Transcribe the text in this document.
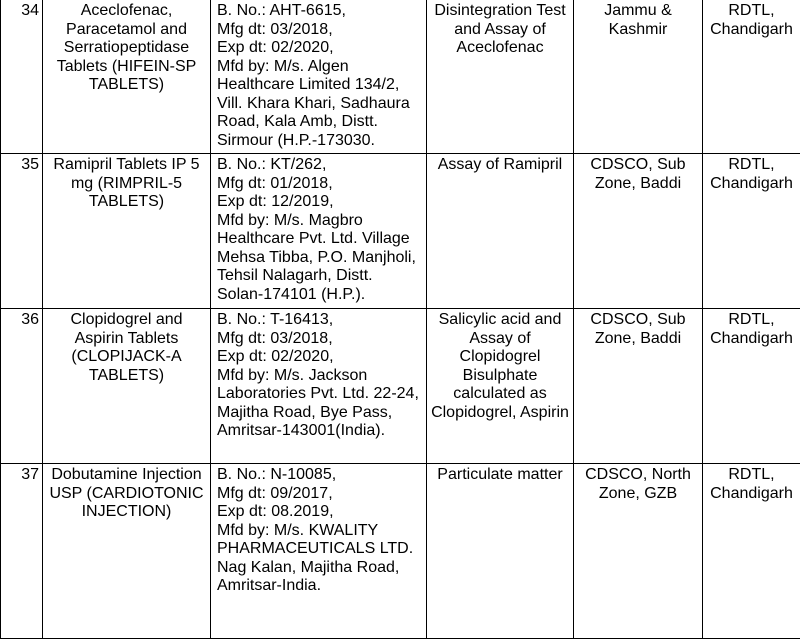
34	Aceclofenac, Paracetamol and Serratiopeptidase Tablets (HIFEIN-SP TABLETS)	B. No.: AHT-6615,
Mfg dt: 03/2018,
Exp dt: 02/2020,
Mfd by: M/s. Algen Healthcare Limited 134/2, Vill. Khara Khari, Sadhaura Road, Kala Amb, Distt. Sirmour (H.P.-173030.	Disintegration Test and Assay of Aceclofenac	Jammu & Kashmir	RDTL, Chandigarh
35	Ramipril Tablets IP 5 mg (RIMPRIL-5 TABLETS)	B. No.: KT/262,
Mfg dt: 01/2018,
Exp dt: 12/2019,
Mfd by: M/s. Magbro Healthcare Pvt. Ltd. Village Mehsa Tibba, P.O. Manjholi, Tehsil Nalagarh, Distt. Solan-174101 (H.P.).	Assay of Ramipril	CDSCO, Sub Zone, Baddi	RDTL, Chandigarh
36	Clopidogrel and Aspirin Tablets (CLOPIJACK-A TABLETS)	B. No.: T-16413,
Mfg dt: 03/2018,
Exp dt: 02/2020,
Mfd by: M/s. Jackson Laboratories Pvt. Ltd. 22-24, Majitha Road, Bye Pass, Amritsar-143001(India).	Salicylic acid and Assay of Clopidogrel Bisulphate calculated as Clopidogrel, Aspirin	CDSCO, Sub Zone, Baddi	RDTL, Chandigarh
37	Dobutamine Injection USP (CARDIOTONIC INJECTION)	B. No.: N-10085,
Mfg dt: 09/2017,
Exp dt: 08.2019,
Mfd by: M/s. KWALITY PHARMACEUTICALS LTD. Nag Kalan, Majitha Road, Amritsar-India.	Particulate matter	CDSCO, North Zone, GZB	RDTL, Chandigarh
